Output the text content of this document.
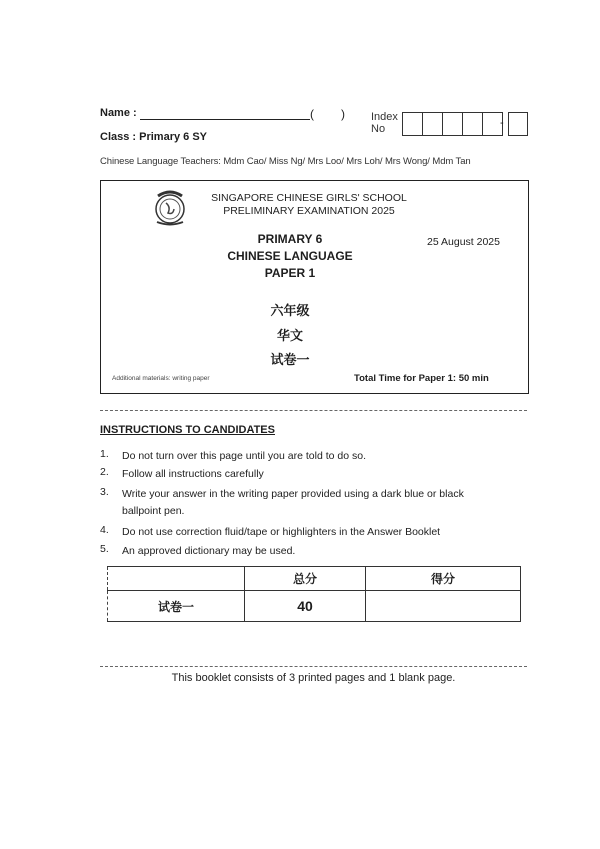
Name :	( ) Index
No	-
Class : Primary 6 SY
Chinese Language Teachers: Mdm Cao/ Miss Ng/ Mrs Loo/ Mrs Loh/ Mrs Wong/ Mdm Tan
SINGAPORE CHINESE GIRLS' SCHOOL
PRELIMINARY EXAMINATION 2025
PRIMARY 6
CHINESE LANGUAGE
PAPER 1
25 August 2025
六年级
华文
试卷一
Additional materials: writing paper	Total Time for Paper 1: 50 min
INSTRUCTIONS TO CANDIDATES
1. Do not turn over this page until you are told to do so.
2. Follow all instructions carefully
3. Write your answer in the writing paper provided using a dark blue or black ballpoint pen.
4. Do not use correction fluid/tape or highlighters in the Answer Booklet
5. An approved dictionary may be used.
	总分	得分
试卷一	40	
This booklet consists of 3 printed pages and 1 blank page.
